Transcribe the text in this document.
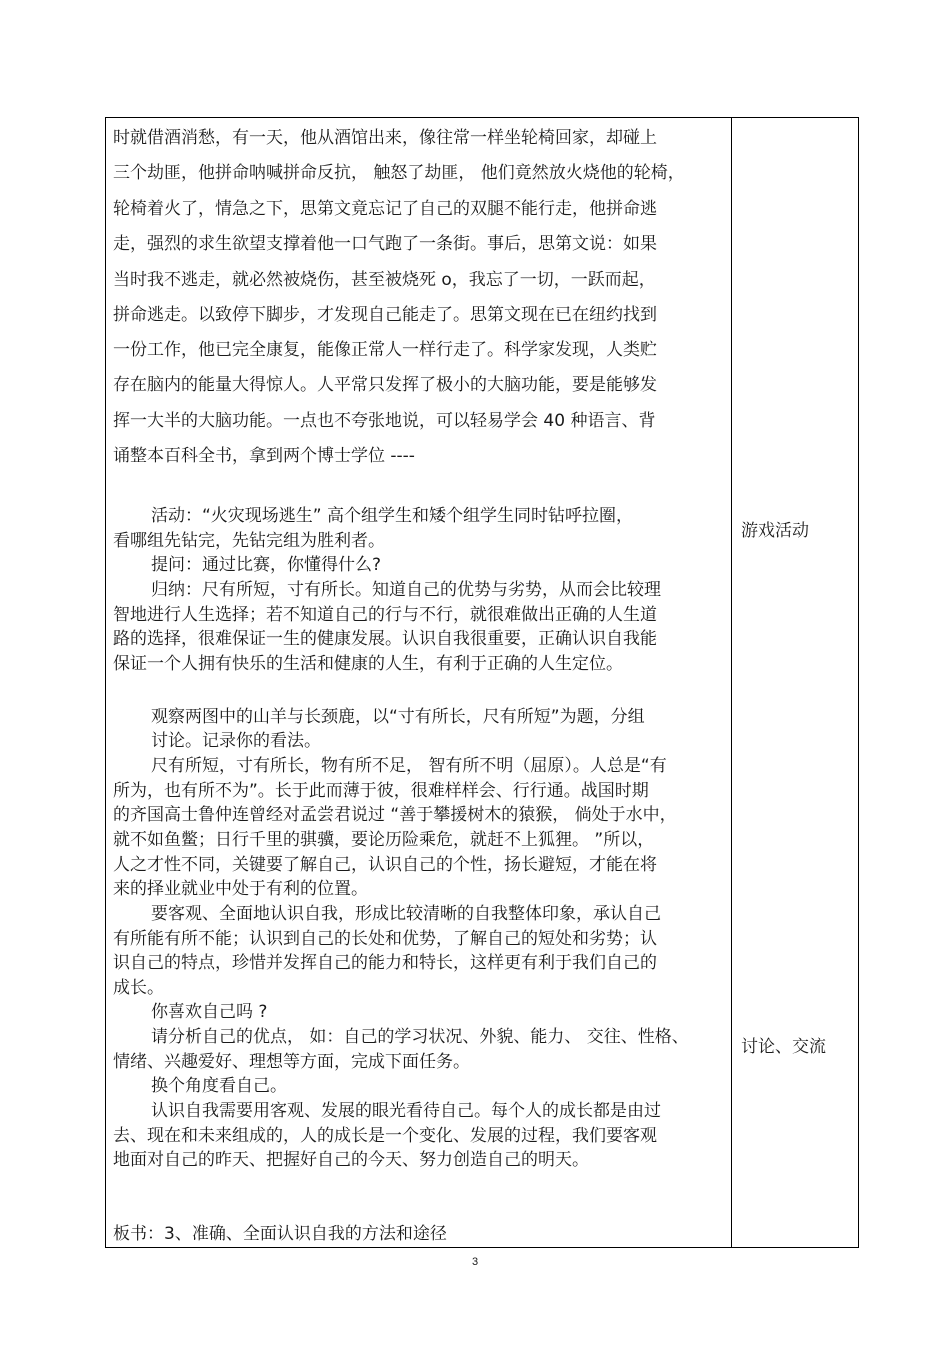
时就借酒消愁，有一天，他从酒馆出来，像往常一样坐轮椅回家，却碰上
三个劫匪，他拼命呐喊拼命反抗， 触怒了劫匪， 他们竟然放火烧他的轮椅，
轮椅着火了，情急之下，思第文竟忘记了自己的双腿不能行走，他拼命逃
走，强烈的求生欲望支撑着他一口气跑了一条街。事后，思第文说：如果
当时我不逃走，就必然被烧伤，甚至被烧死 o，我忘了一切，一跃而起，
拼命逃走。以致停下脚步，才发现自己能走了。思第文现在已在纽约找到
一份工作，他已完全康复，能像正常人一样行走了。科学家发现，人类贮
存在脑内的能量大得惊人。人平常只发挥了极小的大脑功能，要是能够发
挥一大半的大脑功能。一点也不夸张地说，可以轻易学会 40 种语言、背
诵整本百科全书，拿到两个博士学位 ----
活动：“火灾现场逃生” 高个组学生和矮个组学生同时钻呼拉圈，
看哪组先钻完，先钻完组为胜利者。
提问：通过比赛，你懂得什么?
归纳：尺有所短，寸有所长。知道自己的优势与劣势，从而会比较理
智地进行人生选择；若不知道自己的行与不行，就很难做出正确的人生道
路的选择，很难保证一生的健康发展。认识自我很重要，正确认识自我能
保证一个人拥有快乐的生活和健康的人生，有利于正确的人生定位。
观察两图中的山羊与长颈鹿，以“寸有所长，尺有所短”为题，分组
讨论。记录你的看法。
尺有所短，寸有所长，物有所不足， 智有所不明（屈原）。人总是“有
所为，也有所不为”。长于此而薄于彼，很难样样会、行行通。战国时期
的齐国高士鲁仲连曾经对孟尝君说过 “善于攀援树木的猿猴， 倘处于水中，
就不如鱼鳖；日行千里的骐骥，要论历险乘危，就赶不上狐狸。 ”所以，
人之才性不同，关键要了解自己，认识自己的个性，扬长避短，才能在将
来的择业就业中处于有利的位置。
要客观、全面地认识自我，形成比较清晰的自我整体印象，承认自己
有所能有所不能；认识到自己的长处和优势，了解自己的短处和劣势；认
识自己的特点，珍惜并发挥自己的能力和特长，这样更有利于我们自己的
成长。
你喜欢自己吗 ?
请分析自己的优点， 如：自己的学习状况、外貌、能力、 交往、性格、
情绪、兴趣爱好、理想等方面，完成下面任务。
换个角度看自己。
认识自我需要用客观、发展的眼光看待自己。每个人的成长都是由过
去、现在和未来组成的，人的成长是一个变化、发展的过程，我们要客观
地面对自己的昨天、把握好自己的今天、努力创造自己的明天。
板书：3、准确、全面认识自我的方法和途径
游戏活动
讨论、交流
3
